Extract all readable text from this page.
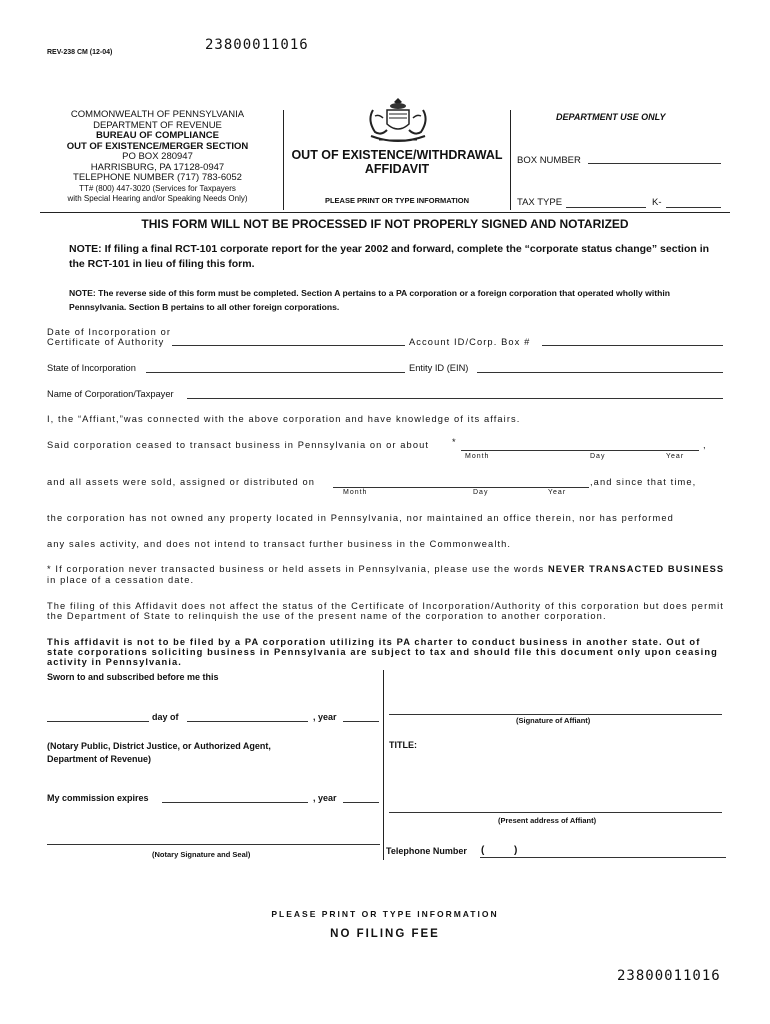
REV-238 CM (12-04)	23800011016
COMMONWEALTH OF PENNSYLVANIA
DEPARTMENT OF REVENUE
BUREAU OF COMPLIANCE
OUT OF EXISTENCE/MERGER SECTION
PO BOX 280947
HARRISBURG, PA 17128-0947
TELEPHONE NUMBER (717) 783-6052
TT# (800) 447-3020 (Services for Taxpayers
with Special Hearing and/or Speaking Needs Only)
OUT OF EXISTENCE/WITHDRAWAL
AFFIDAVIT
PLEASE PRINT OR TYPE INFORMATION
DEPARTMENT USE ONLY
BOX NUMBER
TAX TYPE	K-
THIS FORM WILL NOT BE PROCESSED IF NOT PROPERLY SIGNED AND NOTARIZED
NOTE: If filing a final RCT-101 corporate report for the year 2002 and forward, complete the “corporate status change” section in the RCT-101 in lieu of filing this form.
NOTE: The reverse side of this form must be completed. Section A pertains to a PA corporation or a foreign corporation that operated wholly within Pennsylvania. Section B pertains to all other foreign corporations.
Date of Incorporation or
Certificate of Authority	Account ID/Corp. Box #
State of Incorporation	Entity ID (EIN)
Name of Corporation/Taxpayer
I, the “Affiant,”was connected with the above corporation and have knowledge of its affairs.
Said corporation ceased to transact business in Pennsylvania on or about *	,
Month	Day	Year
and all assets were sold, assigned or distributed on	,and since that time,
Month	Day	Year
the corporation has not owned any property located in Pennsylvania, nor maintained an office therein, nor has performed
any sales activity, and does not intend to transact further business in the Commonwealth.
* If corporation never transacted business or held assets in Pennsylvania, please use the words NEVER TRANSACTED BUSINESS in place of a cessation date.
The filing of this Affidavit does not affect the status of the Certificate of Incorporation/Authority of this corporation but does permit the Department of State to relinquish the use of the present name of the corporation to another corporation.
This affidavit is not to be filed by a PA corporation utilizing its PA charter to conduct business in another state. Out of state corporations soliciting business in Pennsylvania are subject to tax and should file this document only upon ceasing activity in Pennsylvania.
Sworn to and subscribed before me this
day of	, year	(Signature of Affiant)
(Notary Public, District Justice, or Authorized Agent,
Department of Revenue)
TITLE:
My commission expires	, year
(Present address of Affiant)
(Notary Signature and Seal)	Telephone Number (	)
PLEASE PRINT OR TYPE INFORMATION
NO FILING FEE
23800011016
